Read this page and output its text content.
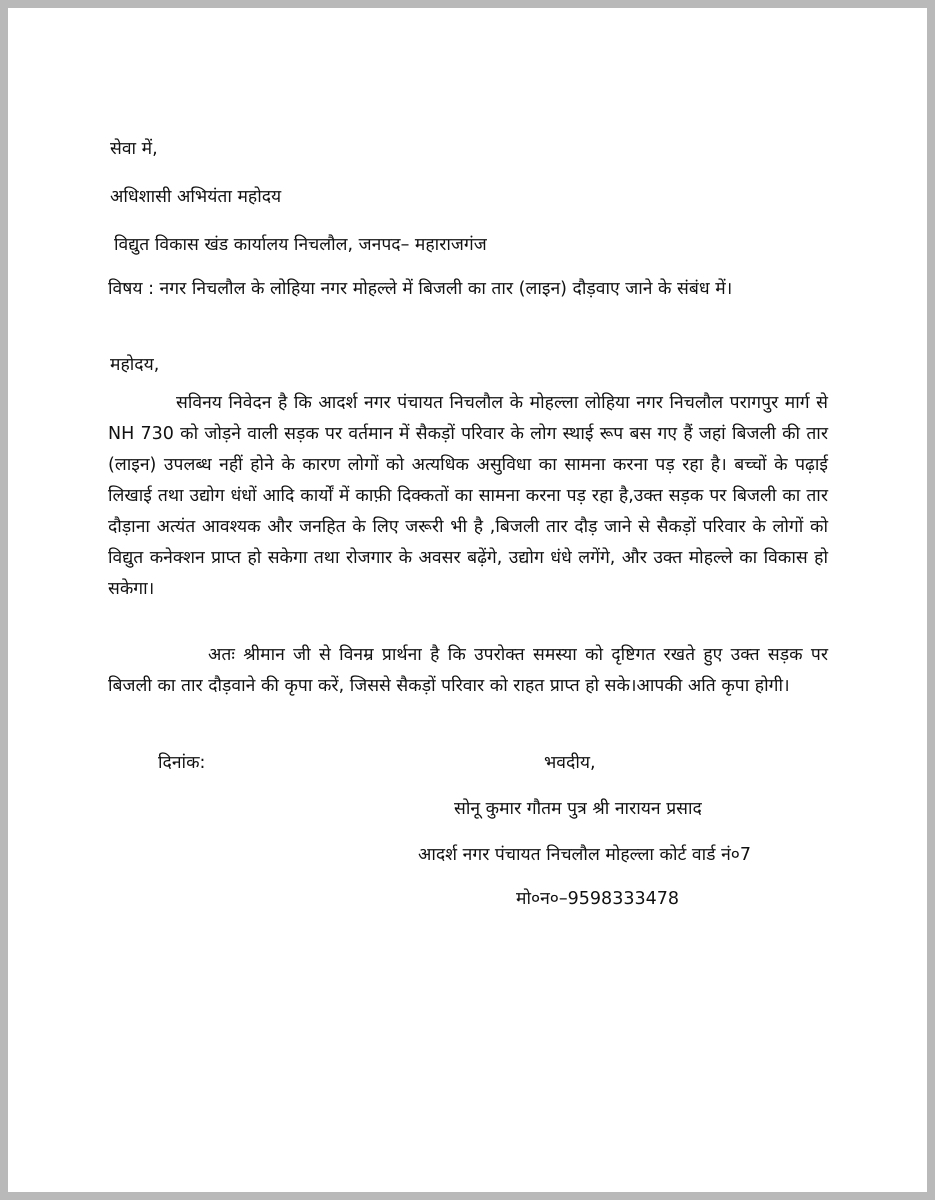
सेवा में,
अधिशासी अभियंता महोदय
विद्युत विकास खंड कार्यालय निचलौल, जनपद– महाराजगंज
विषय : नगर निचलौल के लोहिया नगर मोहल्ले में बिजली का तार (लाइन) दौड़वाए जाने के संबंध में।
महोदय,
सविनय निवेदन है कि आदर्श नगर पंचायत निचलौल के मोहल्ला लोहिया नगर निचलौल परागपुर मार्ग से NH 730 को जोड़ने वाली सड़क पर वर्तमान में सैकड़ों परिवार के लोग स्थाई रूप बस गए हैं जहां बिजली की तार (लाइन) उपलब्ध नहीं होने के कारण लोगों को अत्यधिक असुविधा का सामना करना पड़ रहा है। बच्चों के पढ़ाई लिखाई तथा उद्योग धंधों आदि कार्यों में काफ़ी दिक्कतों का सामना करना पड़ रहा है,उक्त सड़क पर बिजली का तार दौड़ाना अत्यंत आवश्यक और जनहित के लिए जरूरी भी है ,बिजली तार दौड़ जाने से सैकड़ों परिवार के लोगों को विद्युत कनेक्शन प्राप्त हो सकेगा तथा रोजगार के अवसर बढ़ेंगे, उद्योग धंधे लगेंगे, और उक्त मोहल्ले का विकास हो सकेगा।
अतः श्रीमान जी से विनम्र प्रार्थना है कि उपरोक्त समस्या को दृष्टिगत रखते हुए उक्त सड़क पर बिजली का तार दौड़वाने की कृपा करें, जिससे सैकड़ों परिवार को राहत प्राप्त हो सके।आपकी अति कृपा होगी।
दिनांक:	भवदीय,
सोनू कुमार गौतम पुत्र श्री नारायन प्रसाद
आदर्श नगर पंचायत निचलौल मोहल्ला कोर्ट वार्ड नं०7
मो०न०–9598333478
